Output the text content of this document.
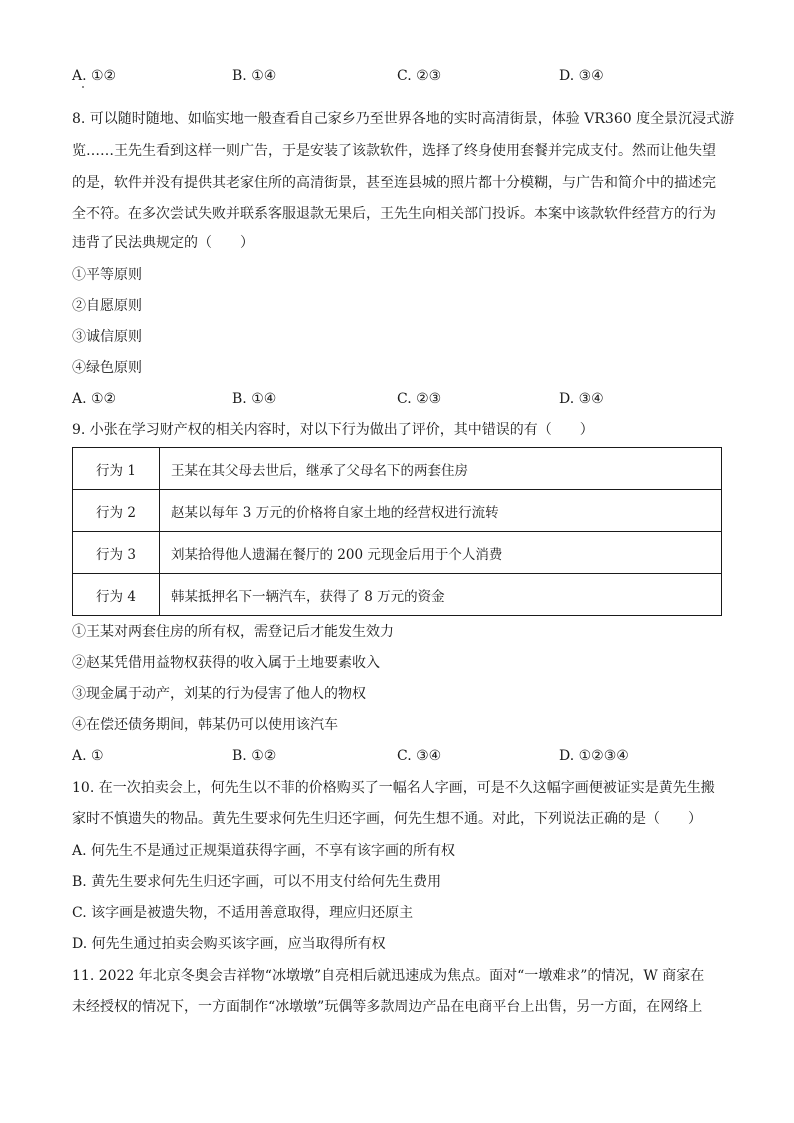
A. ①②	B. ①④	C. ②③	D. ③④
8. 可以随时随地、如临实地一般查看自己家乡乃至世界各地的实时高清街景，体验 VR360 度全景沉浸式游
览……王先生看到这样一则广告，于是安装了该款软件，选择了终身使用套餐并完成支付。然而让他失望
的是，软件并没有提供其老家住所的高清街景，甚至连县城的照片都十分模糊，与广告和简介中的描述完
全不符。在多次尝试失败并联系客服退款无果后，王先生向相关部门投诉。本案中该款软件经营方的行为
违背了民法典规定的（　　）
①平等原则
②自愿原则
③诚信原则
④绿色原则
A. ①②	B. ①④	C. ②③	D. ③④
9. 小张在学习财产权的相关内容时，对以下行为做出了评价，其中错误的有（　　）
行为 1	王某在其父母去世后，继承了父母名下的两套住房
行为 2	赵某以每年 3 万元的价格将自家土地的经营权进行流转
行为 3	刘某拾得他人遗漏在餐厅的 200 元现金后用于个人消费
行为 4	韩某抵押名下一辆汽车，获得了 8 万元的资金
①王某对两套住房的所有权，需登记后才能发生效力
②赵某凭借用益物权获得的收入属于土地要素收入
③现金属于动产，刘某的行为侵害了他人的物权
④在偿还债务期间，韩某仍可以使用该汽车
A. ①	B. ①②	C. ③④	D. ①②③④
10. 在一次拍卖会上，何先生以不菲的价格购买了一幅名人字画，可是不久这幅字画便被证实是黄先生搬
家时不慎遗失的物品。黄先生要求何先生归还字画，何先生想不通。对此，下列说法正确的是（　　）
A. 何先生不是通过正规渠道获得字画，不享有该字画的所有权
B. 黄先生要求何先生归还字画，可以不用支付给何先生费用
C. 该字画是被遗失物，不适用善意取得，理应归还原主
D. 何先生通过拍卖会购买该字画，应当取得所有权
11. 2022 年北京冬奥会吉祥物“冰墩墩”自亮相后就迅速成为焦点。面对“一墩难求”的情况，W 商家在
未经授权的情况下，一方面制作“冰墩墩”玩偶等多款周边产品在电商平台上出售，另一方面，在网络上
